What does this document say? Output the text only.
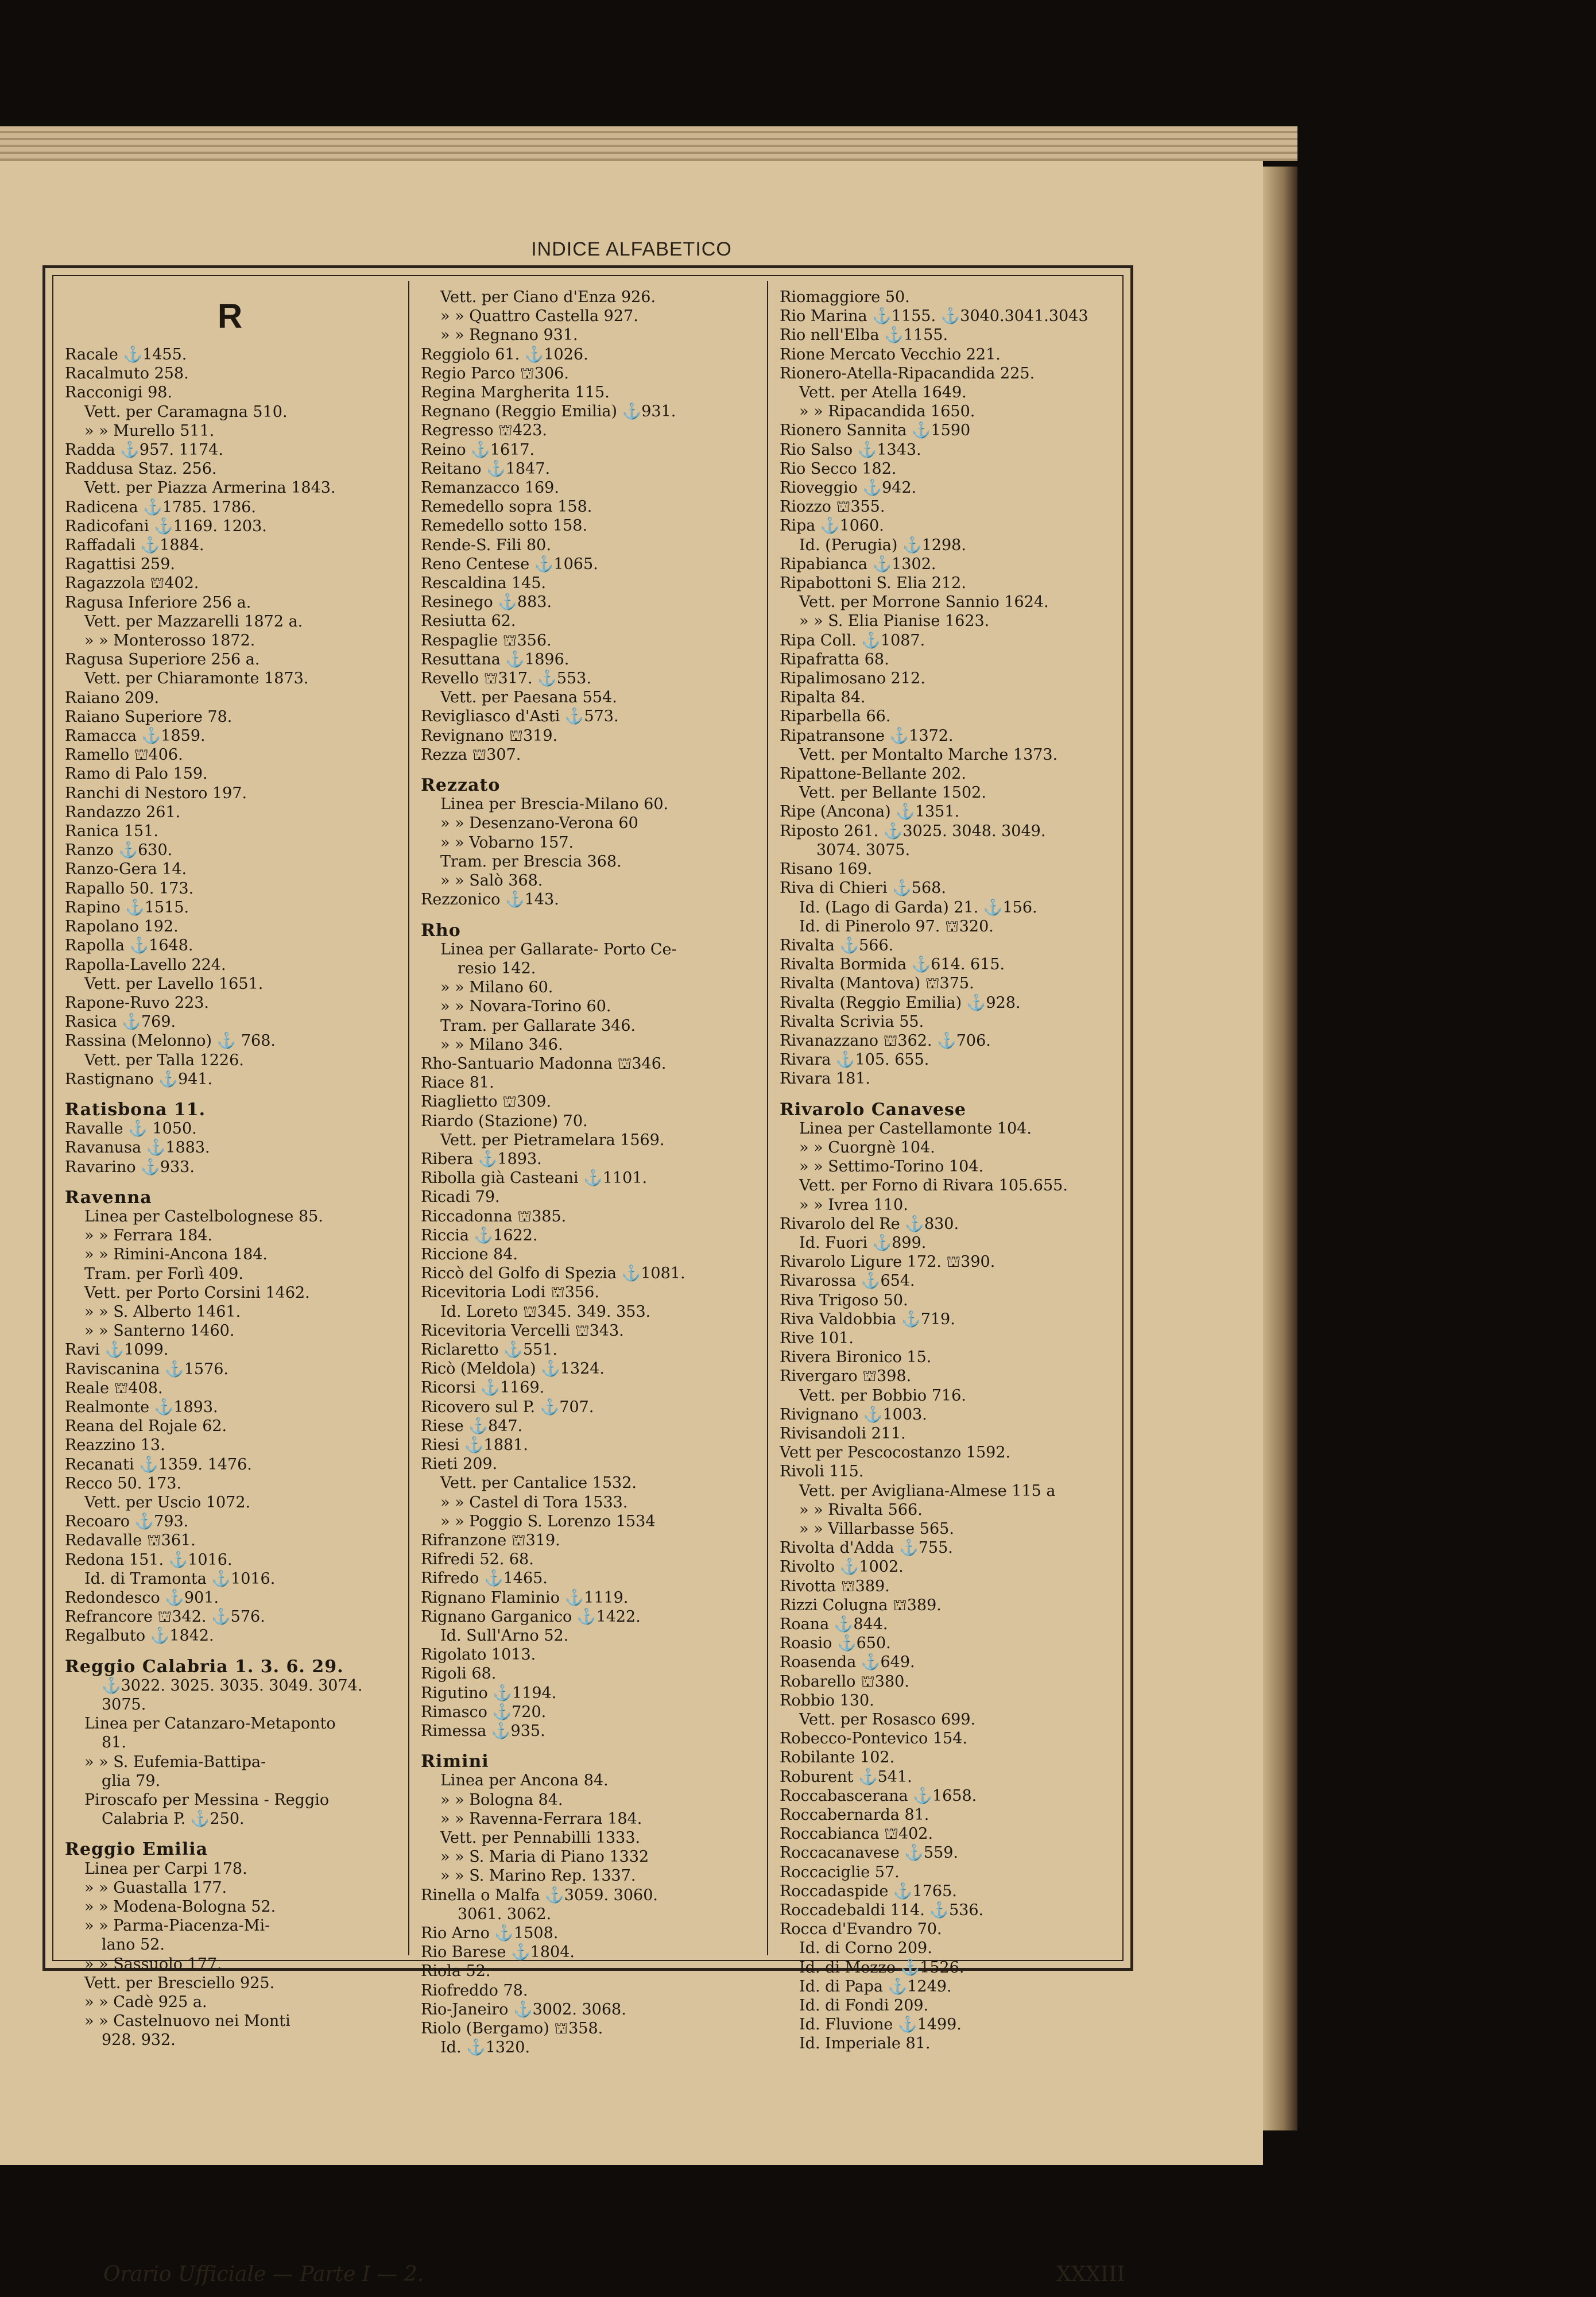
INDICE ALFABETICO
R
Racale ⚓1455.
Racalmuto 258.
Racconigi 98.
Vett. per Caramagna 510.
» » Murello 511.
Radda ⚓957. 1174.
Raddusa Staz. 256.
Vett. per Piazza Armerina 1843.
Radicena ⚓1785. 1786.
Radicofani ⚓1169. 1203.
Raffadali ⚓1884.
Ragattisi 259.
Ragazzola ⛫402.
Ragusa Inferiore 256 a.
Vett. per Mazzarelli 1872 a.
» » Monterosso 1872.
Ragusa Superiore 256 a.
Vett. per Chiaramonte 1873.
Raiano 209.
Raiano Superiore 78.
Ramacca ⚓1859.
Ramello ⛫406.
Ramo di Palo 159.
Ranchi di Nestoro 197.
Randazzo 261.
Ranica 151.
Ranzo ⚓630.
Ranzo-Gera 14.
Rapallo 50. 173.
Rapino ⚓1515.
Rapolano 192.
Rapolla ⚓1648.
Rapolla-Lavello 224.
Vett. per Lavello 1651.
Rapone-Ruvo 223.
Rasica ⚓769.
Rassina (Melonno) ⚓ 768.
Vett. per Talla 1226.
Rastignano ⚓941.
Ratisbona 11.
Ravalle ⚓ 1050.
Ravanusa ⚓1883.
Ravarino ⚓933.
Ravenna
Linea per Castelbolognese 85.
» » Ferrara 184.
» » Rimini-Ancona 184.
Tram. per Forlì 409.
Vett. per Porto Corsini 1462.
» » S. Alberto 1461.
» » Santerno 1460.
Ravi ⚓1099.
Raviscanina ⚓1576.
Reale ⛫408.
Realmonte ⚓1893.
Reana del Rojale 62.
Reazzino 13.
Recanati ⚓1359. 1476.
Recco 50. 173.
Vett. per Uscio 1072.
Recoaro ⚓793.
Redavalle ⛫361.
Redona 151. ⚓1016.
Id. di Tramonta ⚓1016.
Redondesco ⚓901.
Refrancore ⛫342. ⚓576.
Regalbuto ⚓1842.
Reggio Calabria 1. 3. 6. 29.
⚓3022. 3025. 3035. 3049. 3074.
3075.
Linea per Catanzaro-Metaponto
81.
» » S. Eufemia-Battipa-
glia 79.
Piroscafo per Messina - Reggio
Calabria P. ⚓250.
Reggio Emilia
Linea per Carpi 178.
» » Guastalla 177.
» » Modena-Bologna 52.
» » Parma-Piacenza-Mi-
lano 52.
» » Sassuolo 177.
Vett. per Bresciello 925.
» » Cadè 925 a.
» » Castelnuovo nei Monti
928. 932.
Vett. per Ciano d'Enza 926.
» » Quattro Castella 927.
» » Regnano 931.
Reggiolo 61. ⚓1026.
Regio Parco ⛫306.
Regina Margherita 115.
Regnano (Reggio Emilia) ⚓931.
Regresso ⛫423.
Reino ⚓1617.
Reitano ⚓1847.
Remanzacco 169.
Remedello sopra 158.
Remedello sotto 158.
Rende-S. Fili 80.
Reno Centese ⚓1065.
Rescaldina 145.
Resinego ⚓883.
Resiutta 62.
Respaglie ⛫356.
Resuttana ⚓1896.
Revello ⛫317. ⚓553.
Vett. per Paesana 554.
Revigliasco d'Asti ⚓573.
Revignano ⛫319.
Rezza ⛫307.
Rezzato
Linea per Brescia-Milano 60.
» » Desenzano-Verona 60
» » Vobarno 157.
Tram. per Brescia 368.
» » Salò 368.
Rezzonico ⚓143.
Rho
Linea per Gallarate- Porto Ce-
resio 142.
» » Milano 60.
» » Novara-Torino 60.
Tram. per Gallarate 346.
» » Milano 346.
Rho-Santuario Madonna ⛫346.
Riace 81.
Riaglietto ⛫309.
Riardo (Stazione) 70.
Vett. per Pietramelara 1569.
Ribera ⚓1893.
Ribolla già Casteani ⚓1101.
Ricadi 79.
Riccadonna ⛫385.
Riccia ⚓1622.
Riccione 84.
Riccò del Golfo di Spezia ⚓1081.
Ricevitoria Lodi ⛫356.
Id. Loreto ⛫345. 349. 353.
Ricevitoria Vercelli ⛫343.
Riclaretto ⚓551.
Ricò (Meldola) ⚓1324.
Ricorsi ⚓1169.
Ricovero sul P. ⚓707.
Riese ⚓847.
Riesi ⚓1881.
Rieti 209.
Vett. per Cantalice 1532.
» » Castel di Tora 1533.
» » Poggio S. Lorenzo 1534
Rifranzone ⛫319.
Rifredi 52. 68.
Rifredo ⚓1465.
Rignano Flaminio ⚓1119.
Rignano Garganico ⚓1422.
Id. Sull'Arno 52.
Rigolato 1013.
Rigoli 68.
Rigutino ⚓1194.
Rimasco ⚓720.
Rimessa ⚓935.
Rimini
Linea per Ancona 84.
» » Bologna 84.
» » Ravenna-Ferrara 184.
Vett. per Pennabilli 1333.
» » S. Maria di Piano 1332
» » S. Marino Rep. 1337.
Rinella o Malfa ⚓3059. 3060.
3061. 3062.
Rio Arno ⚓1508.
Rio Barese ⚓1804.
Riola 52.
Riofreddo 78.
Rio-Janeiro ⚓3002. 3068.
Riolo (Bergamo) ⛫358.
Id. ⚓1320.
Riomaggiore 50.
Rio Marina ⚓1155. ⚓3040.3041.3043
Rio nell'Elba ⚓1155.
Rione Mercato Vecchio 221.
Rionero-Atella-Ripacandida 225.
Vett. per Atella 1649.
» » Ripacandida 1650.
Rionero Sannita ⚓1590
Rio Salso ⚓1343.
Rio Secco 182.
Rioveggio ⚓942.
Riozzo ⛫355.
Ripa ⚓1060.
Id. (Perugia) ⚓1298.
Ripabianca ⚓1302.
Ripabottoni S. Elia 212.
Vett. per Morrone Sannio 1624.
» » S. Elia Pianise 1623.
Ripa Coll. ⚓1087.
Ripafratta 68.
Ripalimosano 212.
Ripalta 84.
Riparbella 66.
Ripatransone ⚓1372.
Vett. per Montalto Marche 1373.
Ripattone-Bellante 202.
Vett. per Bellante 1502.
Ripe (Ancona) ⚓1351.
Riposto 261. ⚓3025. 3048. 3049.
3074. 3075.
Risano 169.
Riva di Chieri ⚓568.
Id. (Lago di Garda) 21. ⚓156.
Id. di Pinerolo 97. ⛫320.
Rivalta ⚓566.
Rivalta Bormida ⚓614. 615.
Rivalta (Mantova) ⛫375.
Rivalta (Reggio Emilia) ⚓928.
Rivalta Scrivia 55.
Rivanazzano ⛫362. ⚓706.
Rivara ⚓105. 655.
Rivara 181.
Rivarolo Canavese
Linea per Castellamonte 104.
» » Cuorgnè 104.
» » Settimo-Torino 104.
Vett. per Forno di Rivara 105.655.
» » Ivrea 110.
Rivarolo del Re ⚓830.
Id. Fuori ⚓899.
Rivarolo Ligure 172. ⛫390.
Rivarossa ⚓654.
Riva Trigoso 50.
Riva Valdobbia ⚓719.
Rive 101.
Rivera Bironico 15.
Rivergaro ⛫398.
Vett. per Bobbio 716.
Rivignano ⚓1003.
Rivisandoli 211.
Vett per Pescocostanzo 1592.
Rivoli 115.
Vett. per Avigliana-Almese 115 a
» » Rivalta 566.
» » Villarbasse 565.
Rivolta d'Adda ⚓755.
Rivolto ⚓1002.
Rivotta ⛫389.
Rizzi Colugna ⛫389.
Roana ⚓844.
Roasio ⚓650.
Roasenda ⚓649.
Robarello ⛫380.
Robbio 130.
Vett. per Rosasco 699.
Robecco-Pontevico 154.
Robilante 102.
Roburent ⚓541.
Roccabascerana ⚓1658.
Roccabernarda 81.
Roccabianca ⛫402.
Roccacanavese ⚓559.
Roccaciglie 57.
Roccadaspide ⚓1765.
Roccadebaldi 114. ⚓536.
Rocca d'Evandro 70.
Id. di Corno 209.
Id. di Mezzo ⚓1526.
Id. di Papa ⚓1249.
Id. di Fondi 209.
Id. Fluvione ⚓1499.
Id. Imperiale 81.
Orario Ufficiale — Parte I — 2.	XXXIII
